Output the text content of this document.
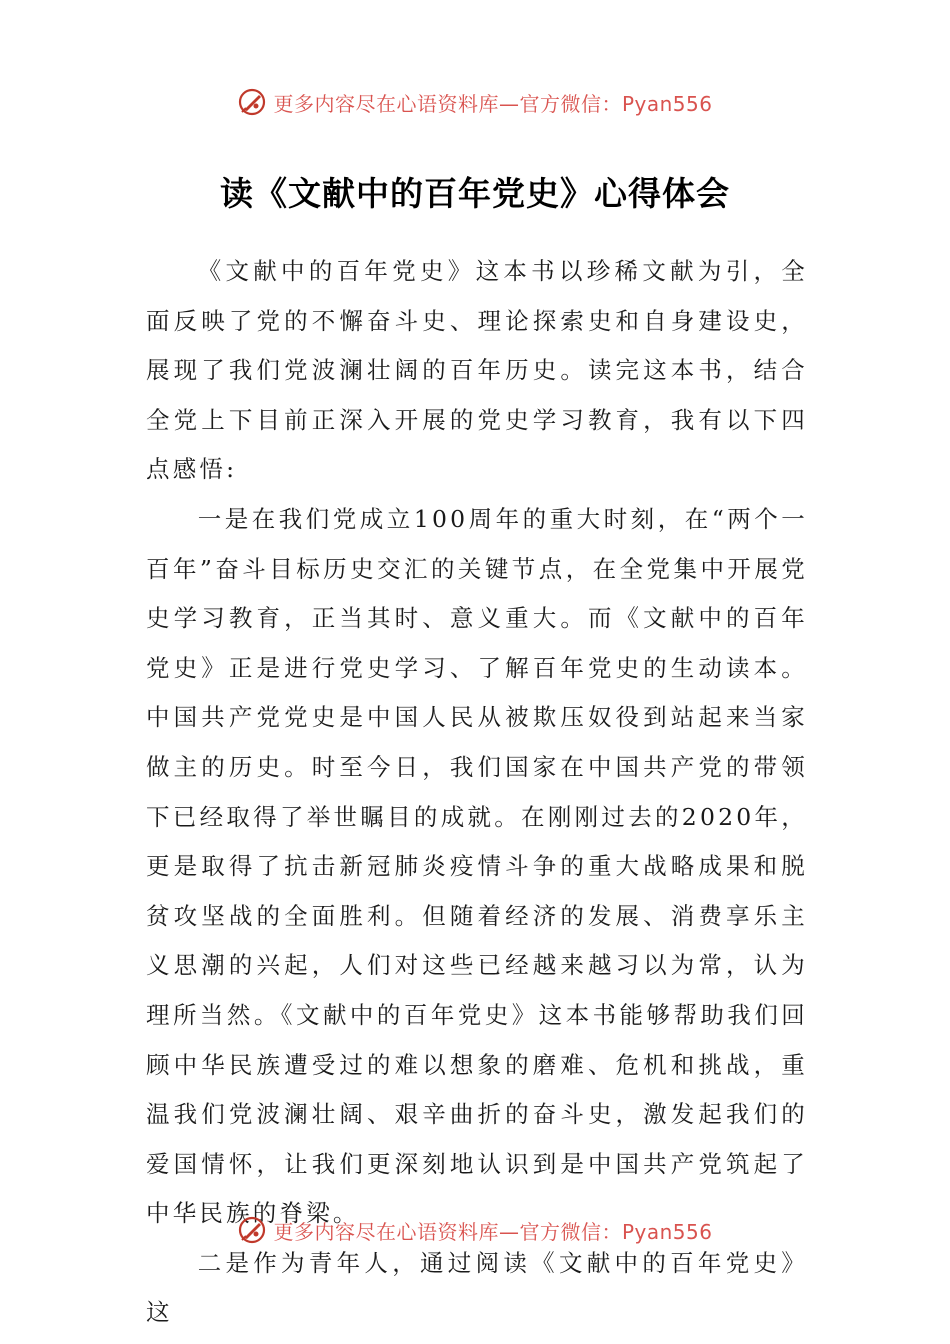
更多内容尽在心语资料库—官方微信：Pyan556
读《文献中的百年党史》心得体会

《文献中的百年党史》这本书以珍稀文献为引，全面反映了党的不懈奋斗史、理论探索史和自身建设史，展现了我们党波澜壮阔的百年历史。读完这本书，结合全党上下目前正深入开展的党史学习教育，我有以下四点感悟:

一是在我们党成立100周年的重大时刻，在“两个一百年”奋斗目标历史交汇的关键节点，在全党集中开展党史学习教育，正当其时、意义重大。而《文献中的百年党史》正是进行党史学习、了解百年党史的生动读本。中国共产党党史是中国人民从被欺压奴役到站起来当家做主的历史。时至今日，我们国家在中国共产党的带领下已经取得了举世瞩目的成就。在刚刚过去的2020年，更是取得了抗击新冠肺炎疫情斗争的重大战略成果和脱贫攻坚战的全面胜利。但随着经济的发展、消费享乐主义思潮的兴起，人们对这些已经越来越习以为常，认为理所当然。《文献中的百年党史》这本书能够帮助我们回顾中华民族遭受过的难以想象的磨难、危机和挑战，重温我们党波澜壮阔、艰辛曲折的奋斗史，激发起我们的爱国情怀，让我们更深刻地认识到是中国共产党筑起了中华民族的脊梁。

二是作为青年人，通过阅读《文献中的百年党史》这

更多内容尽在心语资料库—官方微信：Pyan556
